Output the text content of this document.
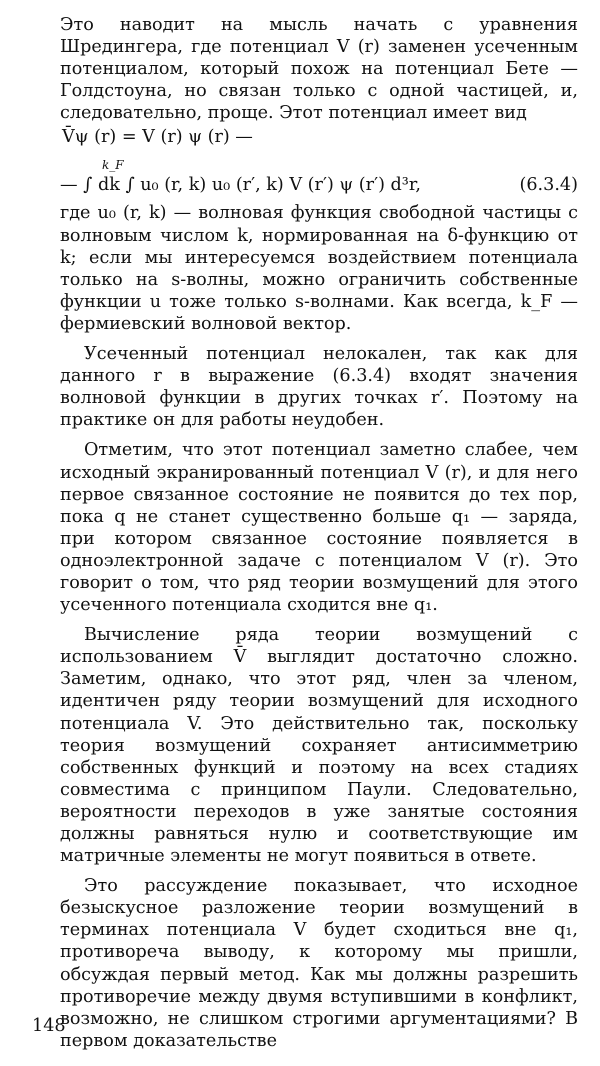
Это наводит на мысль начать с уравнения Шредингера, где потенциал V (r) заменен усеченным потенциалом, который похож на потенциал Бете — Голдстоуна, но связан только с одной частицей, и, следовательно, проще. Этот потенциал имеет вид

V̄ψ (r) = V (r) ψ (r) —
k_F
— ∫ dk ∫ u₀ (r, k) u₀ (r′, k) V (r′) ψ (r′) d³r,	(6.3.4)

где u₀ (r, k) — волновая функция свободной частицы с волновым числом k, нормированная на δ-функцию от k; если мы интересуемся воздействием потенциала только на s-волны, можно ограничить собственные функции u тоже только s-волнами. Как всегда, k_F — фермиевский волновой вектор.

Усеченный потенциал нелокален, так как для данного r в выражение (6.3.4) входят значения волновой функции в других точках r′. Поэтому на практике он для работы неудобен.

Отметим, что этот потенциал заметно слабее, чем исходный экранированный потенциал V (r), и для него первое связанное состояние не появится до тех пор, пока q не станет существенно больше q₁ — заряда, при котором связанное состояние появляется в одноэлектронной задаче с потенциалом V (r). Это говорит о том, что ряд теории возмущений для этого усеченного потенциала сходится вне q₁.

Вычисление ряда теории возмущений с использованием V̄ выглядит достаточно сложно. Заметим, однако, что этот ряд, член за членом, идентичен ряду теории возмущений для исходного потенциала V. Это действительно так, поскольку теория возмущений сохраняет антисимметрию собственных функций и поэтому на всех стадиях совместима с принципом Паули. Следовательно, вероятности переходов в уже занятые состояния должны равняться нулю и соответствующие им матричные элементы не могут появиться в ответе.

Это рассуждение показывает, что исходное безыскусное разложение теории возмущений в терминах потенциала V будет сходиться вне q₁, противореча выводу, к которому мы пришли, обсуждая первый метод. Как мы должны разрешить противоречие между двумя вступившими в конфликт, возможно, не слишком строгими аргументациями? В первом доказательстве

148
